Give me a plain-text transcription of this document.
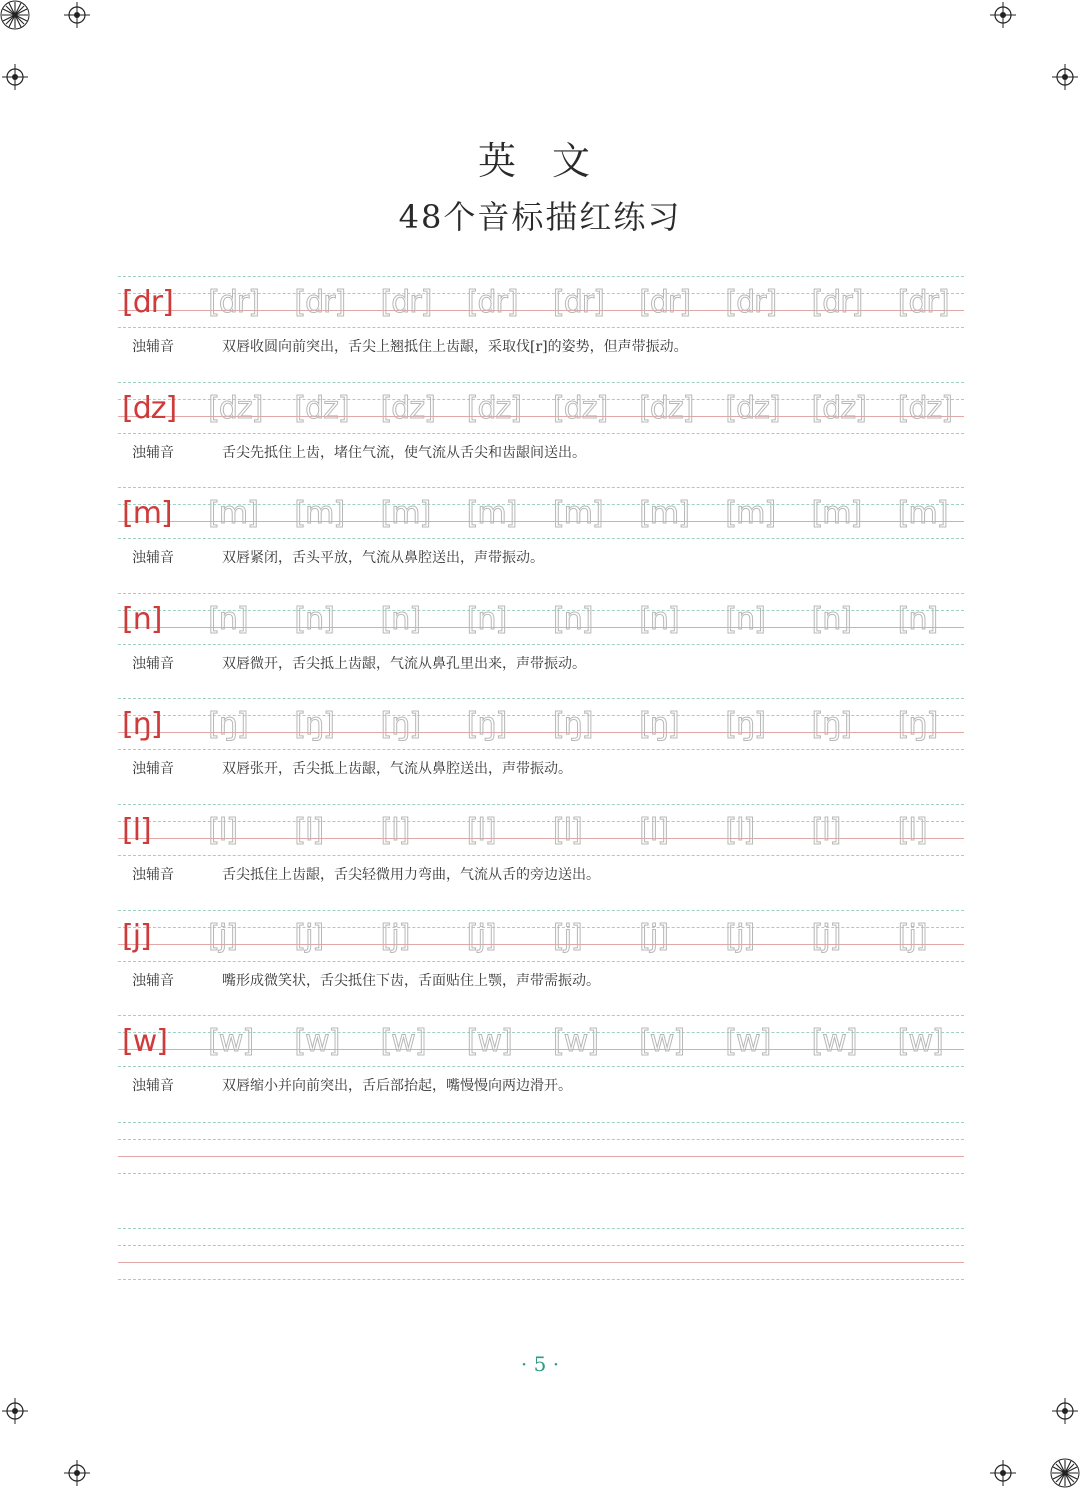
英 文
48个音标描红练习
[dr]	[dr]	[dr]	[dr]	[dr]	[dr]	[dr]	[dr]	[dr]	[dr]
浊辅音	双唇收圆向前突出，舌尖上翘抵住上齿龈，采取伐[r]的姿势，但声带振动。
[dz]	[dz]	[dz]	[dz]	[dz]	[dz]	[dz]	[dz]	[dz]	[dz]
浊辅音	舌尖先抵住上齿，堵住气流，使气流从舌尖和齿龈间送出。
[m]	[m]	[m]	[m]	[m]	[m]	[m]	[m]	[m]	[m]
浊辅音	双唇紧闭，舌头平放，气流从鼻腔送出，声带振动。
[n]	[n]	[n]	[n]	[n]	[n]	[n]	[n]	[n]	[n]
浊辅音	双唇微开，舌尖抵上齿龈，气流从鼻孔里出来，声带振动。
[ŋ]	[ŋ]	[ŋ]	[ŋ]	[ŋ]	[ŋ]	[ŋ]	[ŋ]	[ŋ]	[ŋ]
浊辅音	双唇张开，舌尖抵上齿龈，气流从鼻腔送出，声带振动。
[l]	[l]	[l]	[l]	[l]	[l]	[l]	[l]	[l]	[l]
浊辅音	舌尖抵住上齿龈，舌尖轻微用力弯曲，气流从舌的旁边送出。
[j]	[j]	[j]	[j]	[j]	[j]	[j]	[j]	[j]	[j]
浊辅音	嘴形成微笑状，舌尖抵住下齿，舌面贴住上颚，声带需振动。
[w]	[w]	[w]	[w]	[w]	[w]	[w]	[w]	[w]	[w]
浊辅音	双唇缩小并向前突出，舌后部抬起，嘴慢慢向两边滑开。
· 5 ·
